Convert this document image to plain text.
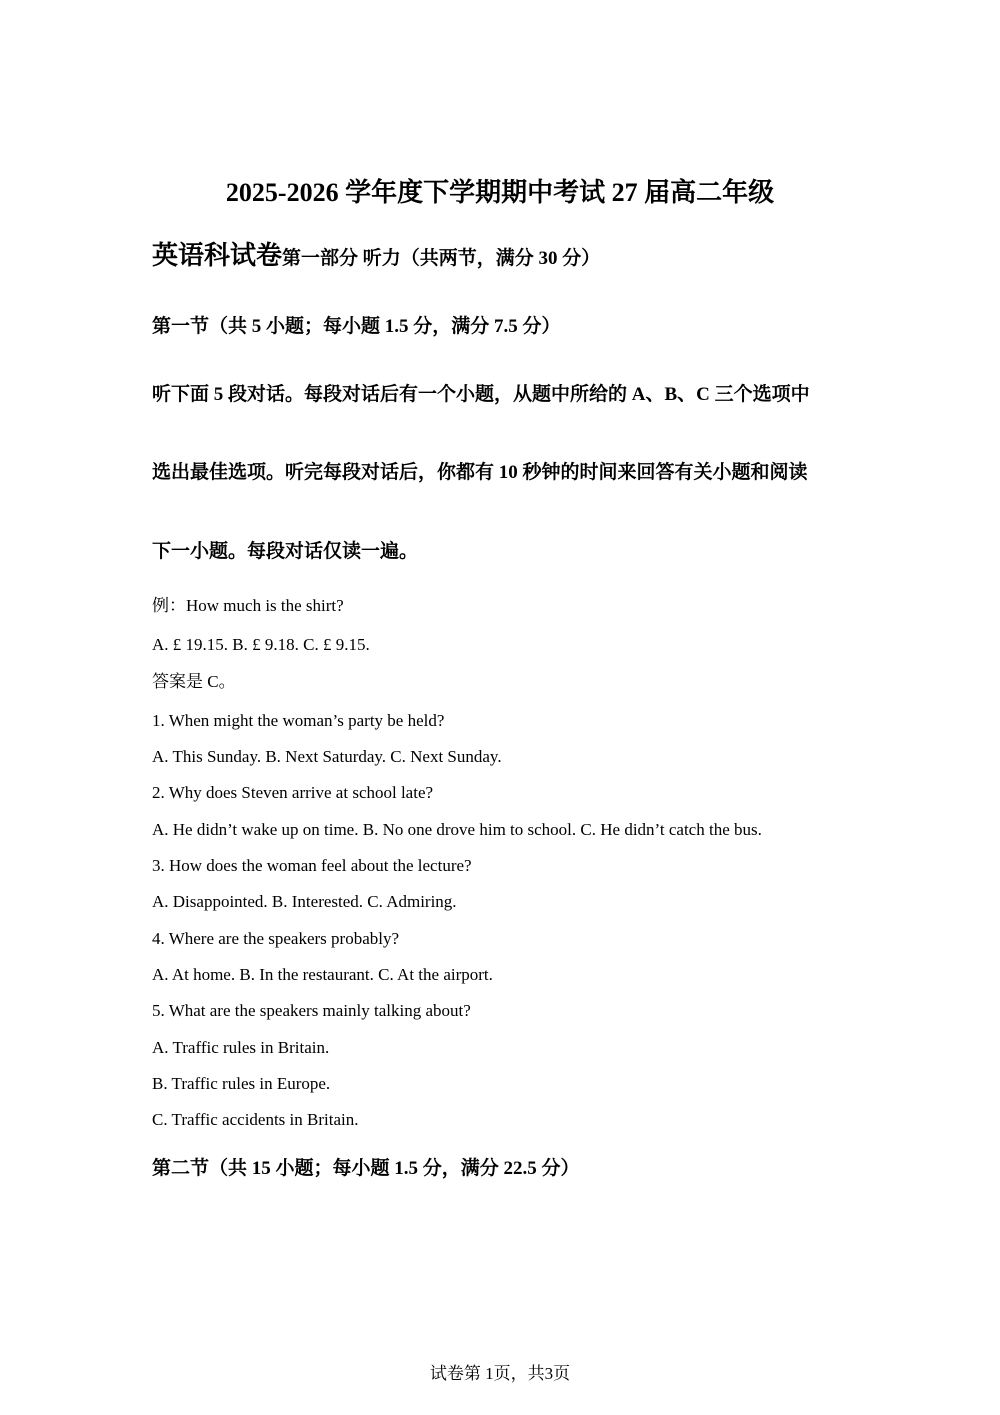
2025-2026 学年度下学期期中考试 27 届高二年级
英语科试卷第一部分 听力（共两节，满分 30 分）
第一节（共 5 小题；每小题 1.5 分，满分 7.5 分）
听下面 5 段对话。每段对话后有一个小题，从题中所给的 A、B、C 三个选项中
选出最佳选项。听完每段对话后，你都有 10 秒钟的时间来回答有关小题和阅读
下一小题。每段对话仅读一遍。
例：How much is the shirt?
A. £ 19.15. B. £ 9.18. C. £ 9.15.
答案是 C。
1. When might the woman’s party be held?
A. This Sunday. B. Next Saturday. C. Next Sunday.
2. Why does Steven arrive at school late?
A. He didn’t wake up on time. B. No one drove him to school. C. He didn’t catch the bus.
3. How does the woman feel about the lecture?
A. Disappointed. B. Interested. C. Admiring.
4. Where are the speakers probably?
A. At home. B. In the restaurant. C. At the airport.
5. What are the speakers mainly talking about?
A. Traffic rules in Britain.
B. Traffic rules in Europe.
C. Traffic accidents in Britain.
第二节（共 15 小题；每小题 1.5 分，满分 22.5 分）
试卷第 1页，共3页
